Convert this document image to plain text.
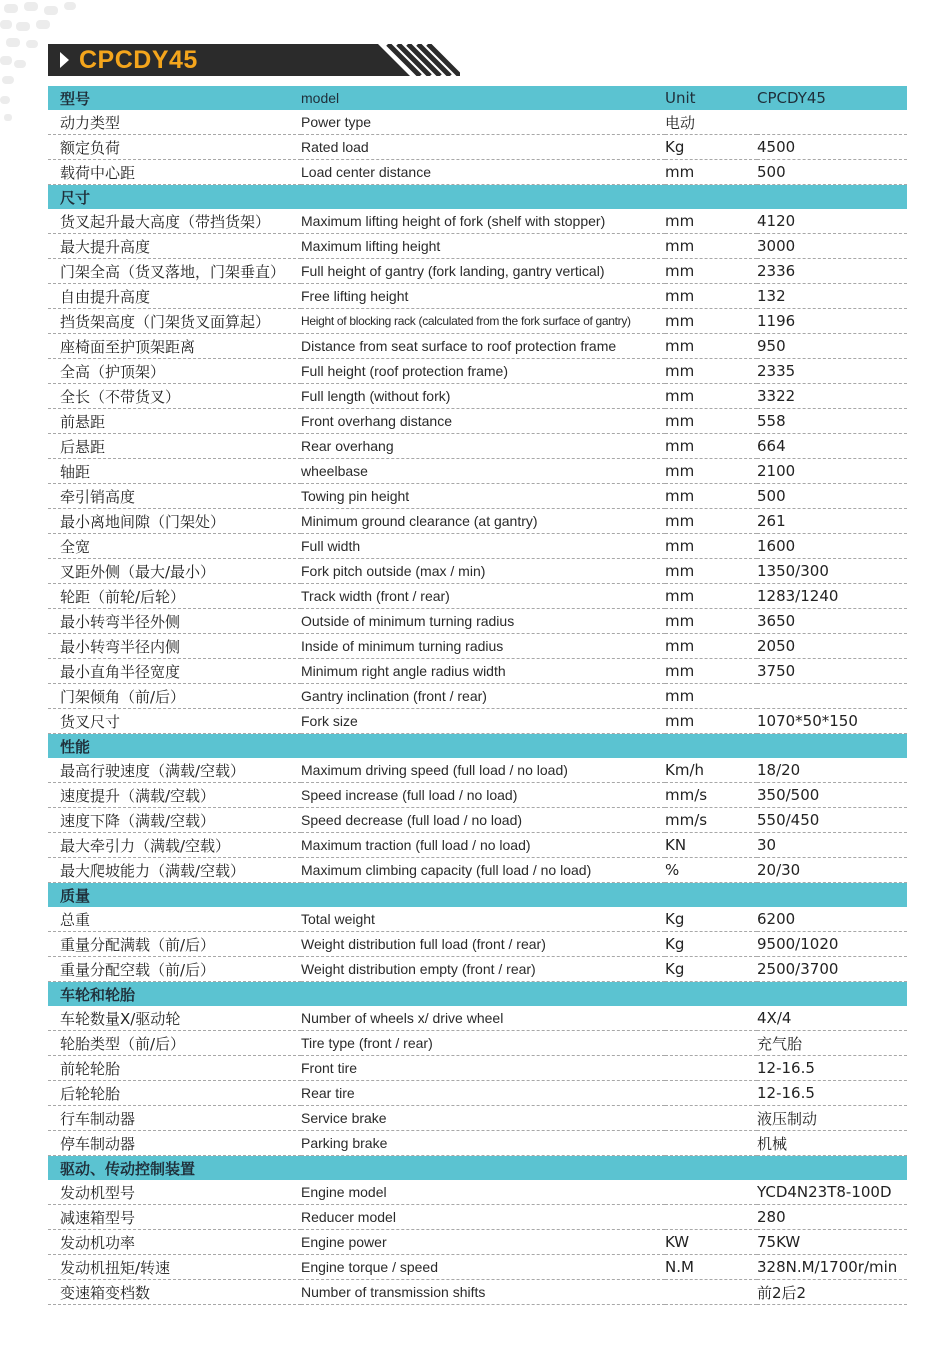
CPCDY45
型号	model	Unit	CPCDY45
动力类型	Power type	电动	
额定负荷	Rated load	Kg	4500
载荷中心距	Load center distance	mm	500
尺寸			
货叉起升最大高度（带挡货架）	Maximum lifting height of fork (shelf with stopper)	mm	4120
最大提升高度	Maximum lifting height	mm	3000
门架全高（货叉落地，门架垂直）	Full height of gantry (fork landing, gantry vertical)	mm	2336
自由提升高度	Free lifting height	mm	132
挡货架高度（门架货叉面算起）	Height of blocking rack (calculated from the fork surface of gantry)	mm	1196
座椅面至护顶架距离	Distance from seat surface to roof protection frame	mm	950
全高（护顶架）	Full height (roof protection frame)	mm	2335
全长（不带货叉）	Full length (without fork)	mm	3322
前悬距	Front overhang distance	mm	558
后悬距	Rear overhang	mm	664
轴距	wheelbase	mm	2100
牵引销高度	Towing pin height	mm	500
最小离地间隙（门架处）	Minimum ground clearance (at gantry)	mm	261
全宽	Full width	mm	1600
叉距外侧（最大/最小）	Fork pitch outside (max / min)	mm	1350/300
轮距（前轮/后轮）	Track width (front / rear)	mm	1283/1240
最小转弯半径外侧	Outside of minimum turning radius	mm	3650
最小转弯半径内侧	Inside of minimum turning radius	mm	2050
最小直角半径宽度	Minimum right angle radius width	mm	3750
门架倾角（前/后）	Gantry inclination (front / rear)	mm	
货叉尺寸	Fork size	mm	1070*50*150
性能			
最高行驶速度（满载/空载）	Maximum driving speed (full load / no load)	Km/h	18/20
速度提升（满载/空载）	Speed increase (full load / no load)	mm/s	350/500
速度下降（满载/空载）	Speed decrease (full load / no load)	mm/s	550/450
最大牵引力（满载/空载）	Maximum traction (full load / no load)	KN	30
最大爬坡能力（满载/空载）	Maximum climbing capacity (full load / no load)	%	20/30
质量			
总重	Total weight	Kg	6200
重量分配满载（前/后）	Weight distribution full load (front / rear)	Kg	9500/1020
重量分配空载（前/后）	Weight distribution empty (front / rear)	Kg	2500/3700
车轮和轮胎			
车轮数量X/驱动轮	Number of wheels x/ drive wheel		4X/4
轮胎类型（前/后）	Tire type (front / rear)		充气胎
前轮轮胎	Front tire		12-16.5
后轮轮胎	Rear tire		12-16.5
行车制动器	Service brake		液压制动
停车制动器	Parking brake		机械
驱动、传动控制装置			
发动机型号	Engine model		YCD4N23T8-100D
减速箱型号	Reducer model		280
发动机功率	Engine power	KW	75KW
发动机扭矩/转速	Engine torque / speed	N.M	328N.M/1700r/min
变速箱变档数	Number of transmission shifts		前2后2
